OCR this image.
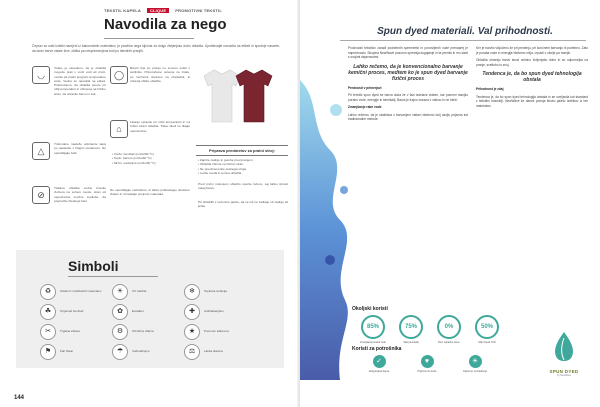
TEKSTIL KAPELA	CLIQUE	PROMOTIVNI TEKSTIL
Navodila za nego
Čeprav so naši izdelki narejeni iz kakovostnih materialov, je pravilna nega ključna za dolgo življenjsko dobo oblačila. Upoštevajte navodila na etiketi in spodnje nasvete, da bodo barve ostale žive, oblika pa nespremenjena tudi po številnih pranjih.
◡
Vsako je navedeno, da je oblačila mogoče prati v vroči vodi ali vrvici, morda pa pralni program temperature vode. Vedno so navodila na etiketi. Priporočamo, da oblačila perete pri nižji temperaturi in obrnjena na hrbtno stran, da ohranite barvo in tisk.
◯
Barvni tisk po pranju ne smemo sušiti v sušilniku. Priporočamo sušenje na zraku, po možnosti obešeno na obešalnik, ki ohranja obliko oblačila.
⌂
Likanje opravite pri nizki temperaturi in na hrbtni strani oblačila. Tiska nikoli ne likajte neposredno.
• Vroče: bombaž (mrzlo/60 °C)
• Toplo: barvno (mrzlo/40 °C)
• Mrzlo: mešanica (mrzlo/30 °C)
△
Trdovratne madeže odstranite takoj po nastanku z blagim sredstvom. Ne uporabljajte belil.
⊘
Tiskana oblačila vedno hranite zložena na suhem mestu, stran od neposredne sončne svetlobe, da preprečite bledenje barv.
Ne uporabljajte mehčalcev, ki lahko poškodujejo strukturo vlaken in zmanjšajo vpojnost materiala.
Priprava predmetov za pralni stroj:
• Zaprite zadrge in gumbe pred pranjem.
• Oblačila obrnite na hrbtno stran.
• Ne preobremenite pralnega stroja.
• Ločite svetla in temna oblačila.
Pred prvim nošenjem oblačilo operite ločeno, saj lahko izpusti nekaj barve.
Pri oblačilih z vezenino pazite, da se niti ne zatikajo ob zadrge ali ježke.
Simboli
♻	Izdelki iz recikliranih materialov
☘	Organski bombaž
✂	Trgalna etiketa
⚑	Fair Wear
☀	UV zaščita
✿	Ecolabel
⚙	Tehnična vlakna
☂	Vodoodbojno
❄	Toplotna izolacija
✚	Antibakterijsko
★	Premium kakovost
⚖	Lahka tkanina
144
Spun dyed materiali. Val prihodnosti.

Proizvodni tekstilov zaradi podnebnih sprememb in ponovljenih vode prenaprej je napredovalo. Skupina NewWave pozorno spremlja dogajanje in ta premik in mu sledi s svojimi dejavnostmi.

Lahko rečemo, da je konvencionalno barvanje kemični proces, medtem ko je spun dyed barvanje fizični proces

Prednosti v primerjavi

Pri tehniki spun dyed se barva doda že v fazi izdelave vlaken, kar pomeni manjšo porabo vode, energije in kemikalij. Barva je trajno vezana v vlakno in ne bledi.

Zmanjšanje rabe vode

Lahko rečemo, da je obdelava z barvanjem vlaken bistveno bolj okolju prijazna kot tradicionalne metode.

Ker je barvilo vključeno že pri predenju, pri končnem barvanju ni potrebno. Zato je poraba vode in energije bistveno nižja, izpusti v okolje pa manjši.

Oblačila ohranijo barvo skozi celotno življenjsko dobo in so odpornejša na pranje, svetlobo in znoj.

Tendenca je, da bo spun dyed tehnologija obstala

Prihodnost je zdaj

Tendenca je, da bo spun dyed tehnologija obstala in se uveljavila kot standard v tekstilni industriji. NewWave že danes ponuja široko paleto izdelkov iz teh materialov.

Okoljski koristi
85%
Zmanjšana poraba vode
75%
Manj kemikalij
0%
Brez odpadne barve
50%
Nižji izpusti CO2
Koristi za potrošnika
✓
Dolgotrajna barva
♥
Prijazno do kože
☀
Odporno na bledenje	SPUN DYED
by NewWave
